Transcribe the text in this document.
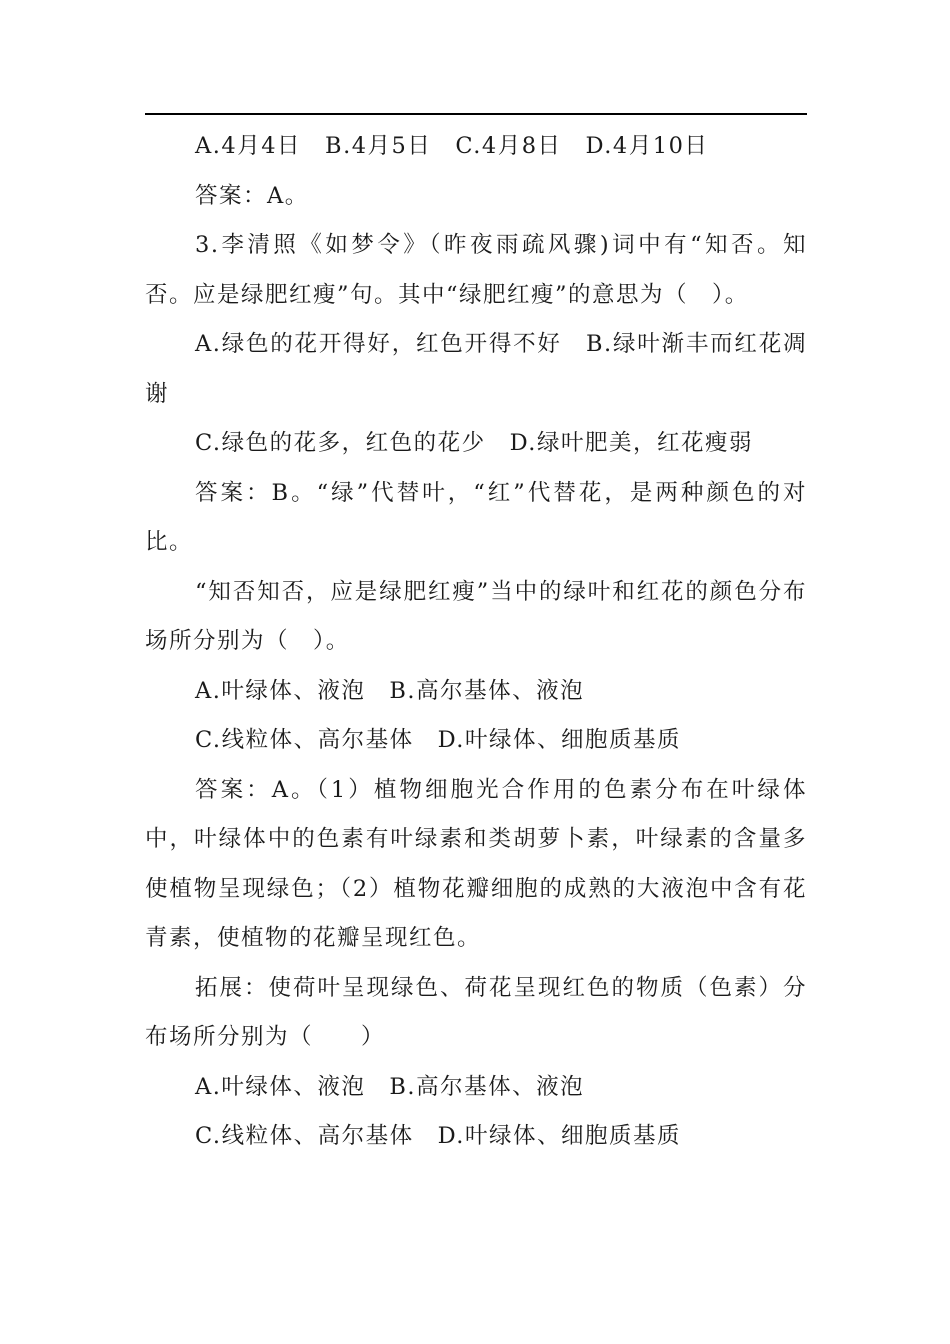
A.4月4日　B.4月5日　C.4月8日　D.4月10日

答案：A。

3.李清照《如梦令》（昨夜雨疏风骤)词中有“知否。知否。应是绿肥红瘦”句。其中“绿肥红瘦”的意思为（　）。

A.绿色的花开得好，红色开得不好　B.绿叶渐丰而红花凋谢

C.绿色的花多，红色的花少　D.绿叶肥美，红花瘦弱

答案：B。“绿”代替叶，“红”代替花，是两种颜色的对比。

“知否知否，应是绿肥红瘦”当中的绿叶和红花的颜色分布场所分别为（　）。

A.叶绿体、液泡　B.高尔基体、液泡

C.线粒体、高尔基体　D.叶绿体、细胞质基质

答案：A。（1）植物细胞光合作用的色素分布在叶绿体中，叶绿体中的色素有叶绿素和类胡萝卜素，叶绿素的含量多使植物呈现绿色；（2）植物花瓣细胞的成熟的大液泡中含有花青素，使植物的花瓣呈现红色。

拓展：使荷叶呈现绿色、荷花呈现红色的物质（色素）分布场所分别为（　　）

A.叶绿体、液泡　B.高尔基体、液泡

C.线粒体、高尔基体　D.叶绿体、细胞质基质
